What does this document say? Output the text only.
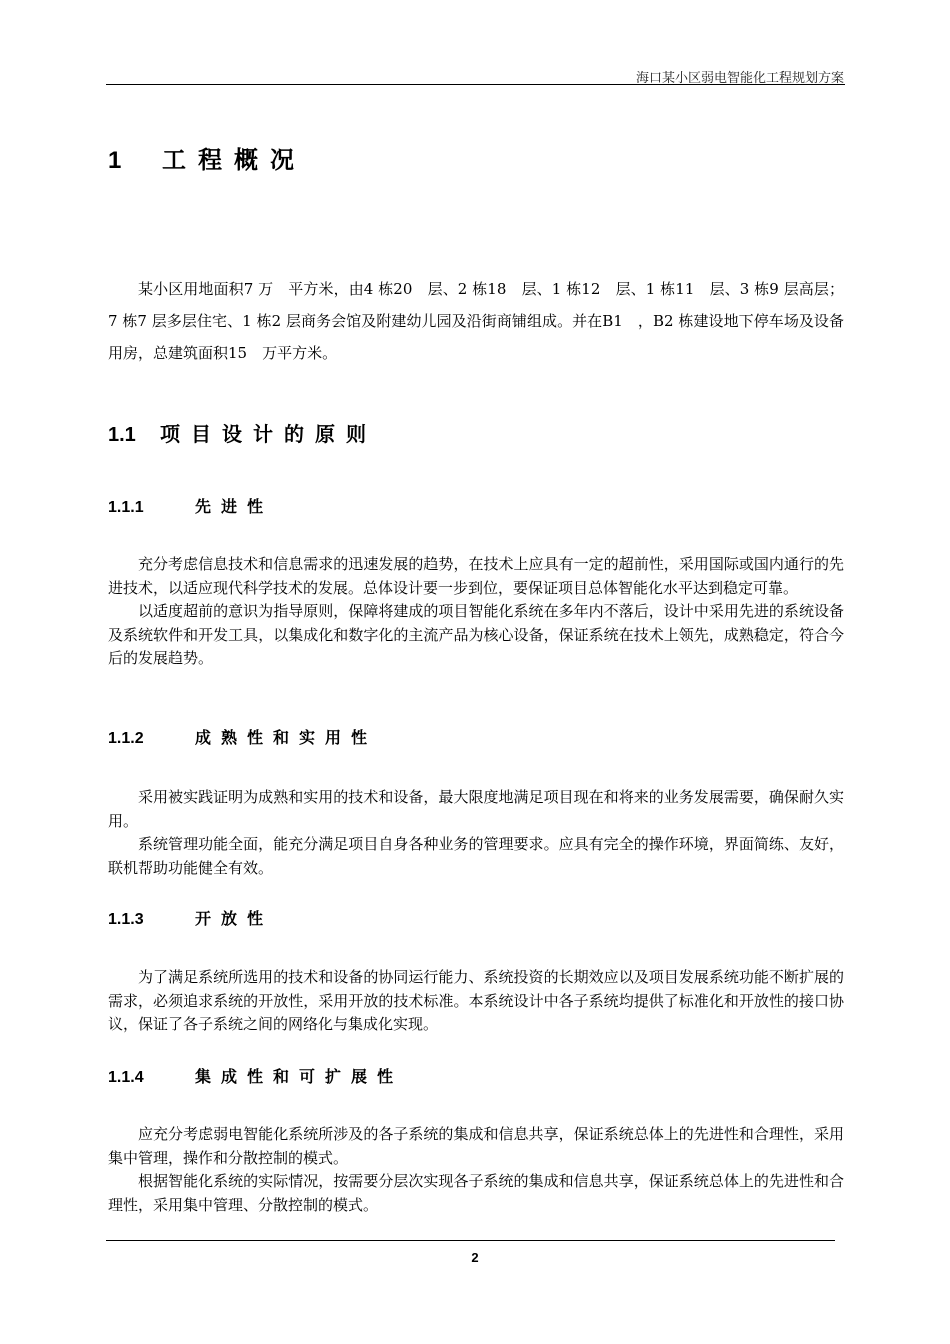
海口某小区弱电智能化工程规划方案
1 工程概况

某小区用地面积7 万　平方米，由4 栋20　层、2 栋18　层、1 栋12　层、1 栋11　层、3 栋9 层高层；7 栋7 层多层住宅、1 栋2 层商务会馆及附建幼儿园及沿街商铺组成。并在B1　，B2 栋建设地下停车场及设备用房，总建筑面积15　万平方米。

1.1 项目设计的原则
1.1.1	先进性

充分考虑信息技术和信息需求的迅速发展的趋势，在技术上应具有一定的超前性，采用国际或国内通行的先进技术，以适应现代科学技术的发展。总体设计要一步到位，要保证项目总体智能化水平达到稳定可靠。

以适度超前的意识为指导原则，保障将建成的项目智能化系统在多年内不落后，设计中采用先进的系统设备及系统软件和开发工具，以集成化和数字化的主流产品为核心设备，保证系统在技术上领先，成熟稳定，符合今后的发展趋势。

1.1.2	成熟性和实用性

采用被实践证明为成熟和实用的技术和设备，最大限度地满足项目现在和将来的业务发展需要，确保耐久实用。

系统管理功能全面，能充分满足项目自身各种业务的管理要求。应具有完全的操作环境，界面简练、友好，联机帮助功能健全有效。

1.1.3	开放性

为了满足系统所选用的技术和设备的协同运行能力、系统投资的长期效应以及项目发展系统功能不断扩展的需求，必须追求系统的开放性，采用开放的技术标准。本系统设计中各子系统均提供了标准化和开放性的接口协议，保证了各子系统之间的网络化与集成化实现。

1.1.4	集成性和可扩展性

应充分考虑弱电智能化系统所涉及的各子系统的集成和信息共享，保证系统总体上的先进性和合理性，采用集中管理，操作和分散控制的模式。

根据智能化系统的实际情况，按需要分层次实现各子系统的集成和信息共享，保证系统总体上的先进性和合理性，采用集中管理、分散控制的模式。

2
